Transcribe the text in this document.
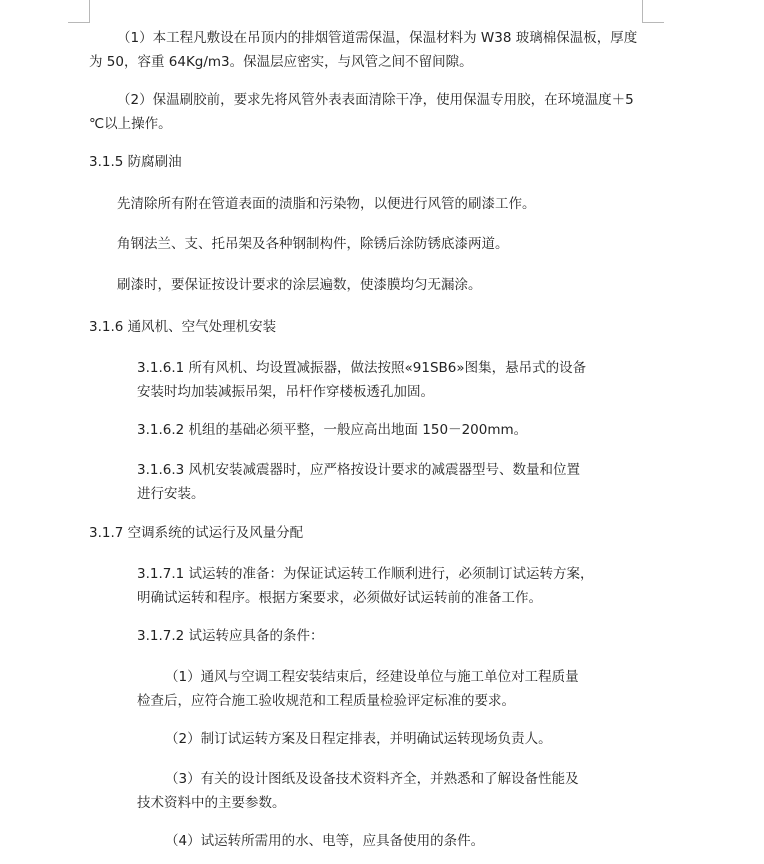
（1）本工程凡敷设在吊顶内的排烟管道需保温，保温材料为 W38 玻璃棉保温板，厚度
为 50，容重 64Kg/m3。保温层应密实，与风管之间不留间隙。

（2）保温刷胶前，要求先将风管外表表面清除干净，使用保温专用胶，在环境温度＋5
℃以上操作。

3.1.5 防腐刷油

先清除所有附在管道表面的渍脂和污染物，以便进行风管的刷漆工作。

角钢法兰、支、托吊架及各种钢制构件，除锈后涂防锈底漆两道。

刷漆时，要保证按设计要求的涂层遍数，使漆膜均匀无漏涂。

3.1.6 通风机、空气处理机安装

3.1.6.1 所有风机、均设置减振器，做法按照«91SB6»图集，悬吊式的设备
安装时均加装减振吊架，吊杆作穿楼板透孔加固。

3.1.6.2 机组的基础必须平整，一般应高出地面 150－200mm。

3.1.6.3 风机安装减震器时，应严格按设计要求的减震器型号、数量和位置
进行安装。

3.1.7 空调系统的试运行及风量分配

3.1.7.1 试运转的准备：为保证试运转工作顺利进行，必须制订试运转方案，
明确试运转和程序。根据方案要求，必须做好试运转前的准备工作。

3.1.7.2 试运转应具备的条件：

（1）通风与空调工程安装结束后，经建设单位与施工单位对工程质量
检查后，应符合施工验收规范和工程质量检验评定标准的要求。

（2）制订试运转方案及日程定排表，并明确试运转现场负责人。

（3）有关的设计图纸及设备技术资料齐全，并熟悉和了解设备性能及
技术资料中的主要参数。

（4）试运转所需用的水、电等，应具备使用的条件。
